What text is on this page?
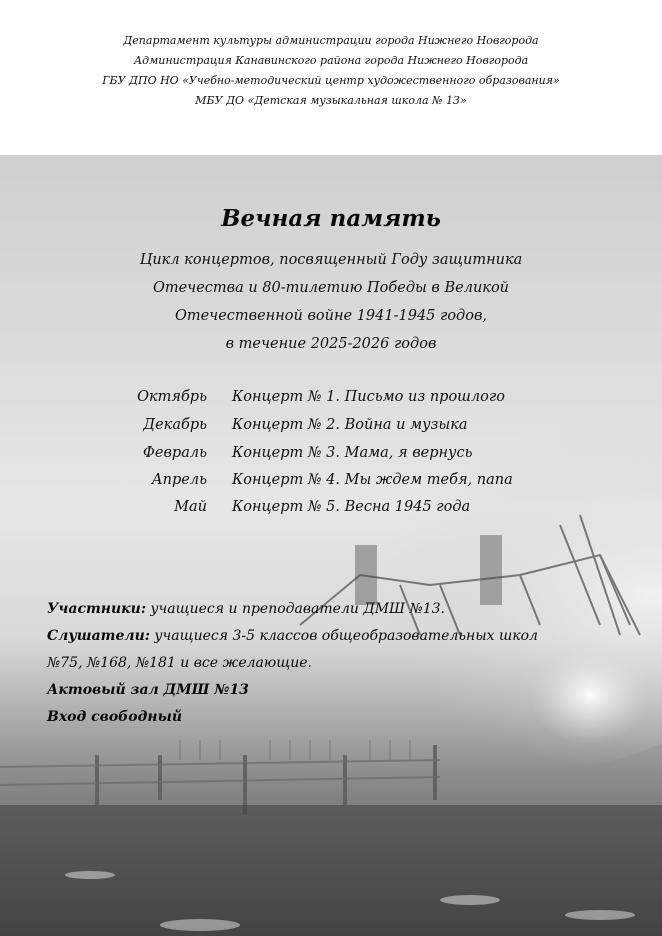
Департамент культуры администрации города Нижнего Новгорода
Администрация Канавинского района города Нижнего Новгорода
ГБУ ДПО НО «Учебно-методический центр художественного образования»
МБУ ДО «Детская музыкальная школа № 13»
Вечная память
Цикл концертов, посвященный Году защитника
Отечества и 80-тилетию Победы в Великой
Отечественной войне 1941-1945 годов,
в течение 2025-2026 годов
Октябрь Концерт № 1. Письмо из прошлого
Декабрь Концерт № 2. Война и музыка
Февраль Концерт № 3. Мама, я вернусь
Апрель Концерт № 4. Мы ждем тебя, папа
Май Концерт № 5. Весна 1945 года
Участники: учащиеся и преподаватели ДМШ №13.
Слушатели: учащиеся 3-5 классов общеобразовательных школ
№75, №168, №181 и все желающие.
Актовый зал ДМШ №13
Вход свободный
